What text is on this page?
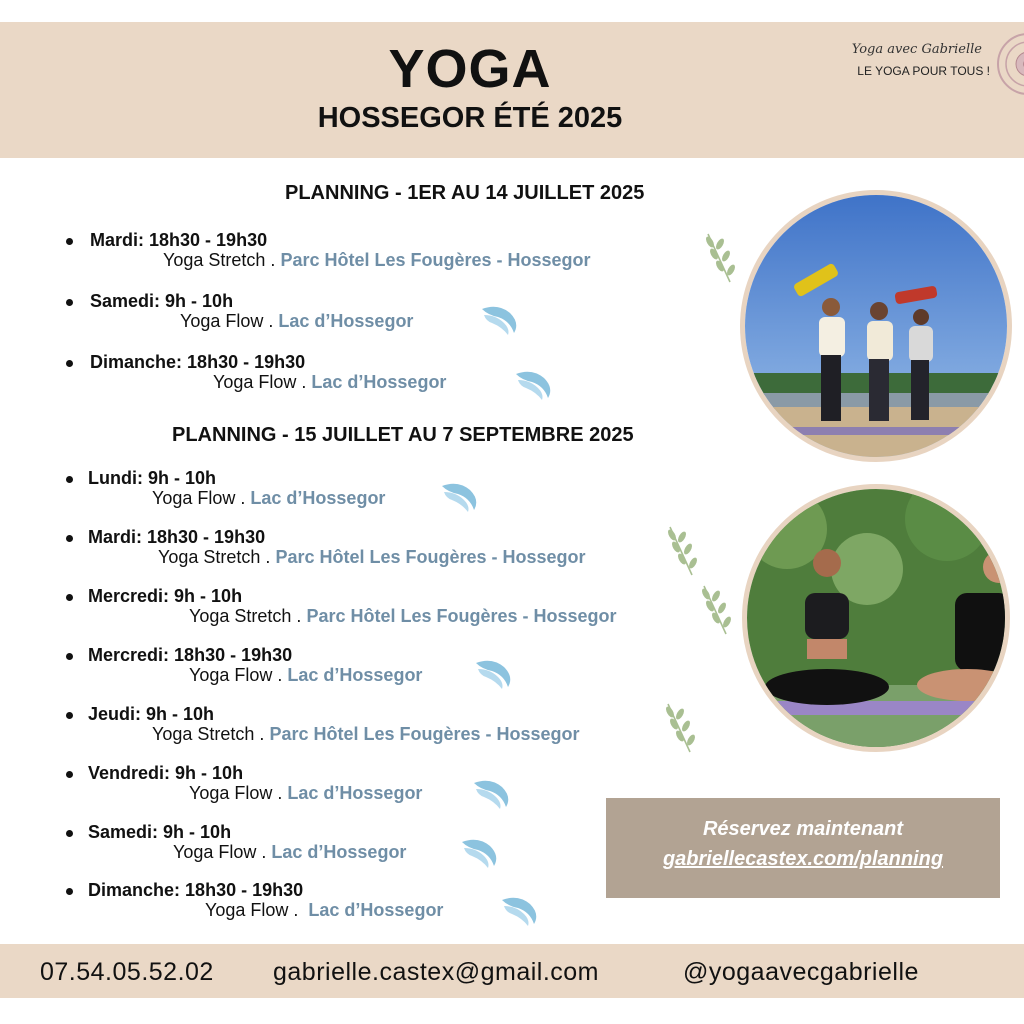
YOGA
HOSSEGOR ÉTÉ 2025
Yoga avec Gabrielle
LE YOGA POUR TOUS !
PLANNING - 1ER AU 14 JUILLET 2025
Mardi: 18h30 - 19h30
Yoga Stretch . Parc Hôtel Les Fougères - Hossegor
Samedi: 9h - 10h
Yoga Flow . Lac d’Hossegor
Dimanche: 18h30 - 19h30
Yoga Flow . Lac d’Hossegor
PLANNING - 15 JUILLET AU 7 SEPTEMBRE 2025
Lundi: 9h - 10h
Yoga Flow . Lac d’Hossegor
Mardi: 18h30 - 19h30
Yoga Stretch . Parc Hôtel Les Fougères - Hossegor
Mercredi: 9h - 10h
Yoga Stretch . Parc Hôtel Les Fougères - Hossegor
Mercredi: 18h30 - 19h30
Yoga Flow . Lac d’Hossegor
Jeudi: 9h - 10h
Yoga Stretch . Parc Hôtel Les Fougères - Hossegor
Vendredi: 9h - 10h
Yoga Flow . Lac d’Hossegor
Samedi: 9h - 10h
Yoga Flow . Lac d’Hossegor
Dimanche: 18h30 - 19h30
Yoga Flow .  Lac d’Hossegor
Réservez maintenant
gabriellecastex.com/planning
07.54.05.52.02 gabrielle.castex@gmail.com	@yogaavecgabrielle
